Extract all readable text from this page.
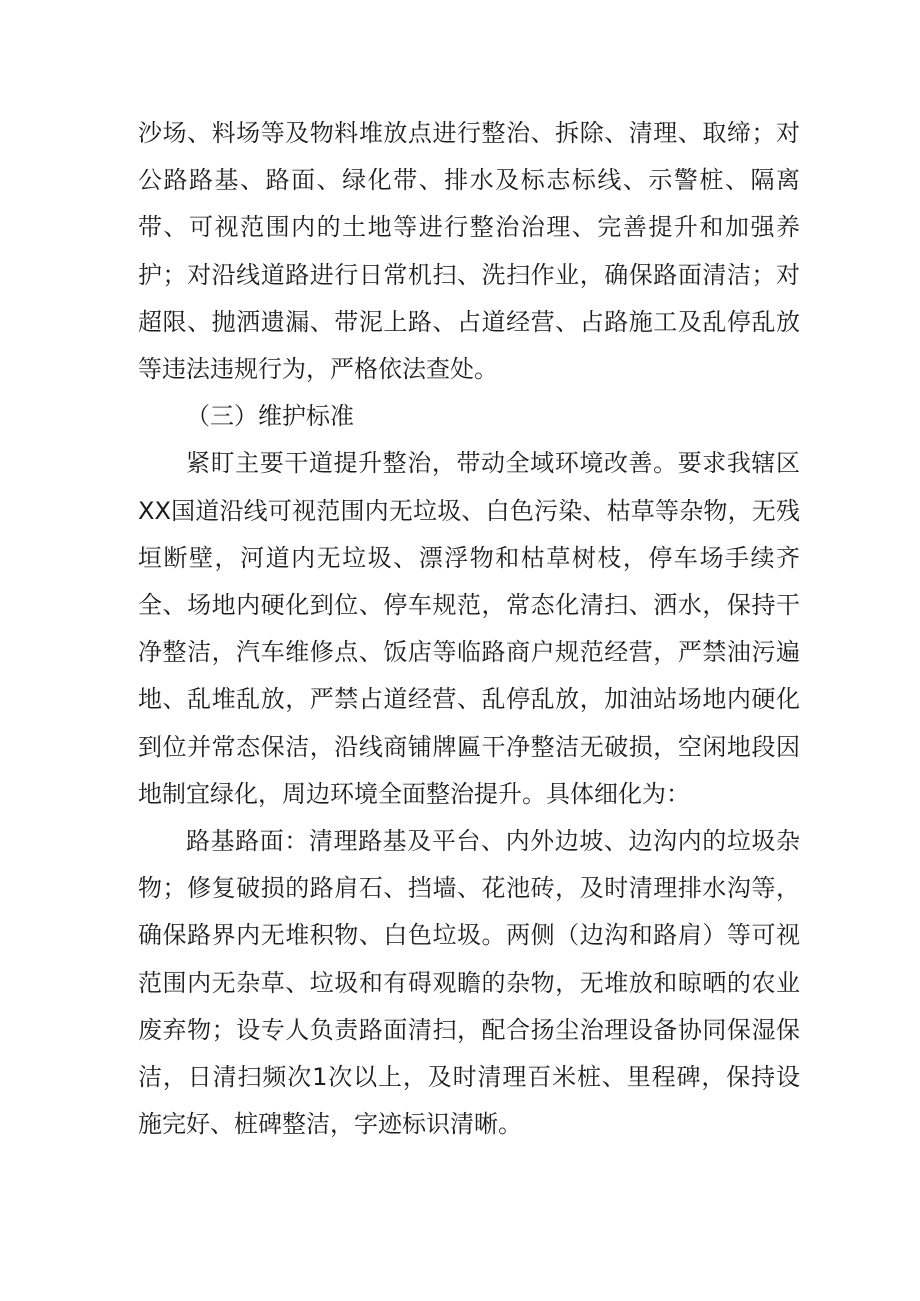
沙场、料场等及物料堆放点进行整治、拆除、清理、取缔；对公路路基、路面、绿化带、排水及标志标线、示警桩、隔离带、可视范围内的土地等进行整治治理、完善提升和加强养护；对沿线道路进行日常机扫、洗扫作业，确保路面清洁；对超限、抛洒遗漏、带泥上路、占道经营、占路施工及乱停乱放等违法违规行为，严格依法查处。

（三）维护标准

紧盯主要干道提升整治，带动全域环境改善。要求我辖区XX国道沿线可视范围内无垃圾、白色污染、枯草等杂物，无残垣断壁，河道内无垃圾、漂浮物和枯草树枝，停车场手续齐全、场地内硬化到位、停车规范，常态化清扫、洒水，保持干净整洁，汽车维修点、饭店等临路商户规范经营，严禁油污遍地、乱堆乱放，严禁占道经营、乱停乱放，加油站场地内硬化到位并常态保洁，沿线商铺牌匾干净整洁无破损，空闲地段因地制宜绿化，周边环境全面整治提升。具体细化为：

路基路面：清理路基及平台、内外边坡、边沟内的垃圾杂物；修复破损的路肩石、挡墙、花池砖，及时清理排水沟等，确保路界内无堆积物、白色垃圾。两侧（边沟和路肩）等可视范围内无杂草、垃圾和有碍观瞻的杂物，无堆放和晾晒的农业废弃物；设专人负责路面清扫，配合扬尘治理设备协同保湿保洁，日清扫频次1次以上，及时清理百米桩、里程碑，保持设施完好、桩碑整洁，字迹标识清晰。
